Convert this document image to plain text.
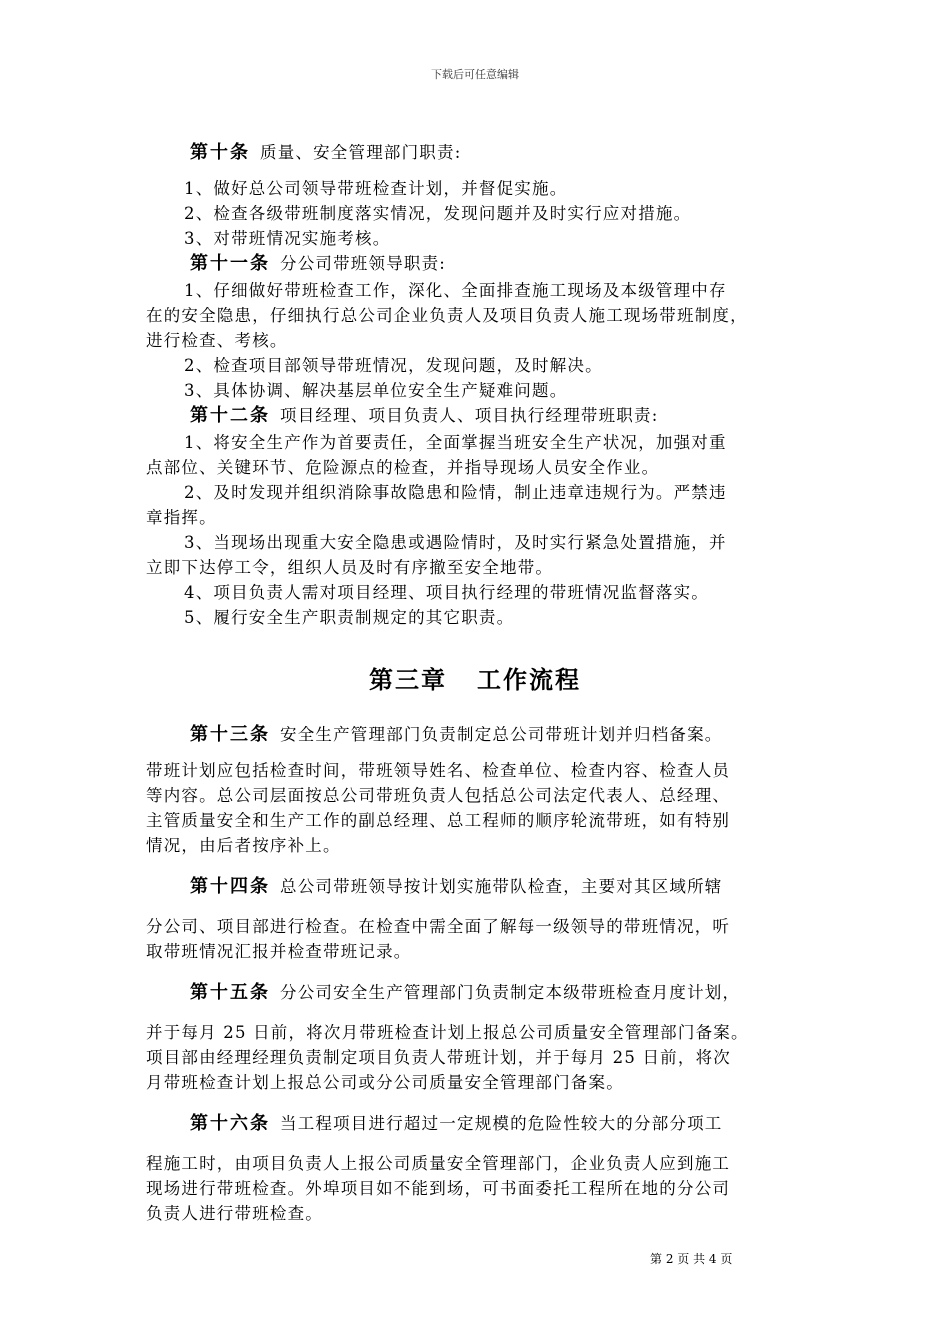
下载后可任意编辑
第十条 质量、安全管理部门职责:
1、做好总公司领导带班检查计划，并督促实施。
2、检查各级带班制度落实情况，发现问题并及时实行应对措施。
3、对带班情况实施考核。
第十一条 分公司带班领导职责:
1、仔细做好带班检查工作，深化、全面排查施工现场及本级管理中存
在的安全隐患，仔细执行总公司企业负责人及项目负责人施工现场带班制度，
进行检查、考核。
2、检查项目部领导带班情况，发现问题，及时解决。
3、具体协调、解决基层单位安全生产疑难问题。
第十二条 项目经理、项目负责人、项目执行经理带班职责:
1、将安全生产作为首要责任，全面掌握当班安全生产状况，加强对重
点部位、关键环节、危险源点的检查，并指导现场人员安全作业。
2、及时发现并组织消除事故隐患和险情，制止违章违规行为。严禁违
章指挥。
3、当现场出现重大安全隐患或遇险情时，及时实行紧急处置措施，并
立即下达停工令，组织人员及时有序撤至安全地带。
4、项目负责人需对项目经理、项目执行经理的带班情况监督落实。
5、履行安全生产职责制规定的其它职责。
第三章 工作流程
第十三条 安全生产管理部门负责制定总公司带班计划并归档备案。
带班计划应包括检查时间，带班领导姓名、检查单位、检查内容、检查人员
等内容。总公司层面按总公司带班负责人包括总公司法定代表人、总经理、
主管质量安全和生产工作的副总经理、总工程师的顺序轮流带班，如有特别
情况，由后者按序补上。
第十四条 总公司带班领导按计划实施带队检查，主要对其区域所辖
分公司、项目部进行检查。在检查中需全面了解每一级领导的带班情况，听
取带班情况汇报并检查带班记录。
第十五条 分公司安全生产管理部门负责制定本级带班检查月度计划，
并于每月 25 日前，将次月带班检查计划上报总公司质量安全管理部门备案。
项目部由经理经理负责制定项目负责人带班计划，并于每月 25 日前，将次
月带班检查计划上报总公司或分公司质量安全管理部门备案。
第十六条 当工程项目进行超过一定规模的危险性较大的分部分项工
程施工时，由项目负责人上报公司质量安全管理部门，企业负责人应到施工
现场进行带班检查。外埠项目如不能到场，可书面委托工程所在地的分公司
负责人进行带班检查。
第 2 页 共 4 页
